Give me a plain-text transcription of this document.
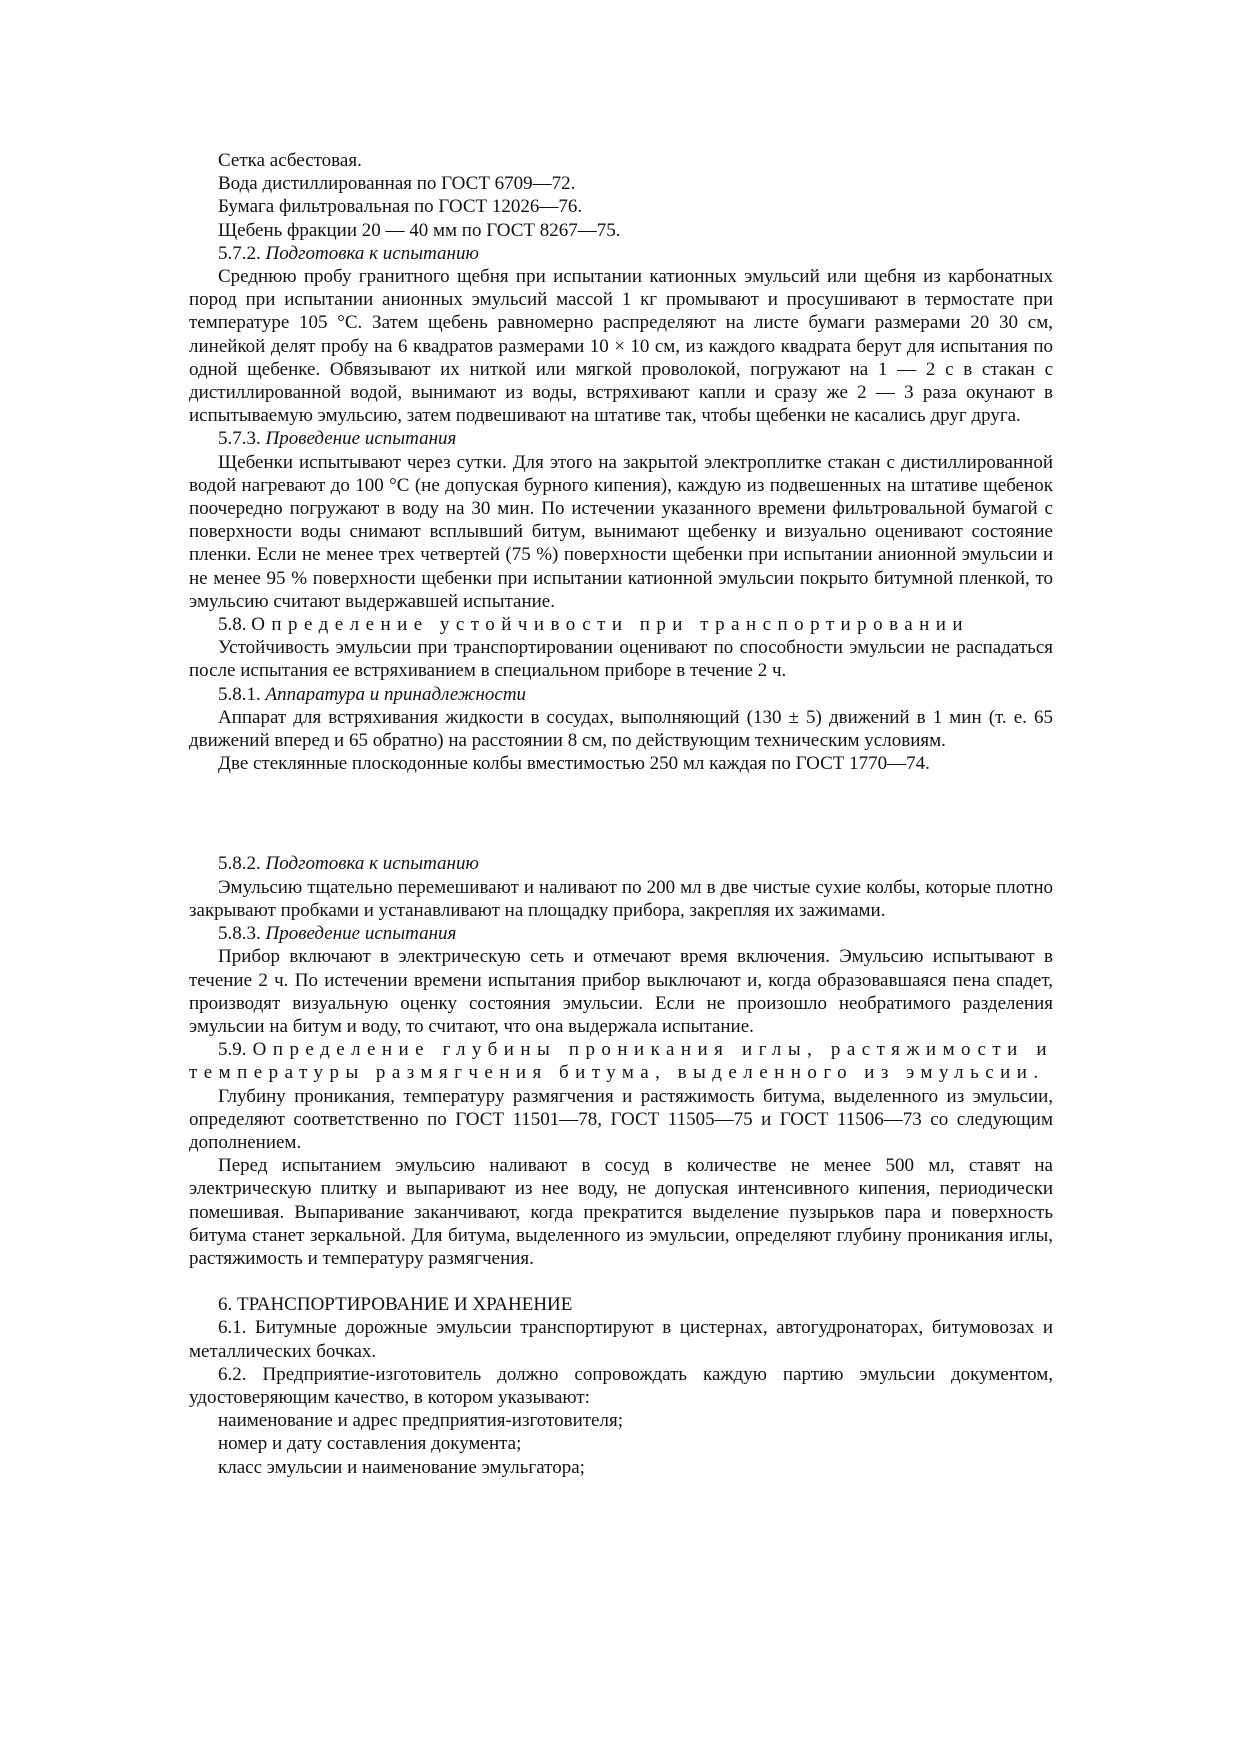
Сетка асбестовая.

Вода дистиллированная по ГОСТ 6709—72.

Бумага фильтровальная по ГОСТ 12026—76.

Щебень фракции 20 — 40 мм по ГОСТ 8267—75.

5.7.2. Подготовка к испытанию

Среднюю пробу гранитного щебня при испытании катионных эмульсий или щебня из карбонатных пород при испытании анионных эмульсий массой 1 кг промывают и просушивают в термостате при температуре 105 °С. Затем щебень равномерно распределяют на листе бумаги размерами 20 30 см, линейкой делят пробу на 6 квадратов размерами 10 × 10 см, из каждого квадрата берут для испытания по одной щебенке. Обвязывают их ниткой или мягкой проволокой, погружают на 1 — 2 с в стакан с дистиллированной водой, вынимают из воды, встряхивают капли и сразу же 2 — 3 раза окунают в испытываемую эмульсию, затем подвешивают на штативе так, чтобы щебенки не касались друг друга.

5.7.3. Проведение испытания

Щебенки испытывают через сутки. Для этого на закрытой электроплитке стакан с дистиллированной водой нагревают до 100 °С (не допуская бурного кипения), каждую из подвешенных на штативе щебенок поочередно погружают в воду на 30 мин. По истечении указанного времени фильтровальной бумагой с поверхности воды снимают всплывший битум, вынимают щебенку и визуально оценивают состояние пленки. Если не менее трех четвертей (75 %) поверхности щебенки при испытании анионной эмульсии и не менее 95 % поверхности щебенки при испытании катионной эмульсии покрыто битумной пленкой, то эмульсию считают выдержавшей испытание.

5.8. Определение устойчивости при транспортировании

Устойчивость эмульсии при транспортировании оценивают по способности эмульсии не распадаться после испытания ее встряхиванием в специальном приборе в течение 2 ч.

5.8.1. Аппаратура и принадлежности

Аппарат для встряхивания жидкости в сосудах, выполняющий (130 ± 5) движений в 1 мин (т. е. 65 движений вперед и 65 обратно) на расстоянии 8 см, по действующим техническим условиям.

Две стеклянные плоскодонные колбы вместимостью 250 мл каждая по ГОСТ 1770—74.

5.8.2. Подготовка к испытанию

Эмульсию тщательно перемешивают и наливают по 200 мл в две чистые сухие колбы, которые плотно закрывают пробками и устанавливают на площадку прибора, закрепляя их зажимами.

5.8.3. Проведение испытания

Прибор включают в электрическую сеть и отмечают время включения. Эмульсию испытывают в течение 2 ч. По истечении времени испытания прибор выключают и, когда образовавшаяся пена спадет, производят визуальную оценку состояния эмульсии. Если не произошло необратимого разделения эмульсии на битум и воду, то считают, что она выдержала испытание.

5.9. Определение глубины проникания иглы, растяжимости и температуры размягчения битума, выделенного из эмульсии.

Глубину проникания, температуру размягчения и растяжимость битума, выделенного из эмульсии, определяют соответственно по ГОСТ 11501—78, ГОСТ 11505—75 и ГОСТ 11506—73 со следующим дополнением.

Перед испытанием эмульсию наливают в сосуд в количестве не менее 500 мл, ставят на электрическую плитку и выпаривают из нее воду, не допуская интенсивного кипения, периодически помешивая. Выпаривание заканчивают, когда прекратится выделение пузырьков пара и поверхность битума станет зеркальной. Для битума, выделенного из эмульсии, определяют глубину проникания иглы, растяжимость и температуру размягчения.

6. ТРАНСПОРТИРОВАНИЕ И ХРАНЕНИЕ

6.1. Битумные дорожные эмульсии транспортируют в цистернах, автогудронаторах, битумовозах и металлических бочках.

6.2. Предприятие-изготовитель должно сопровождать каждую партию эмульсии документом, удостоверяющим качество, в котором указывают:

наименование и адрес предприятия-изготовителя;

номер и дату составления документа;

класс эмульсии и наименование эмульгатора;
